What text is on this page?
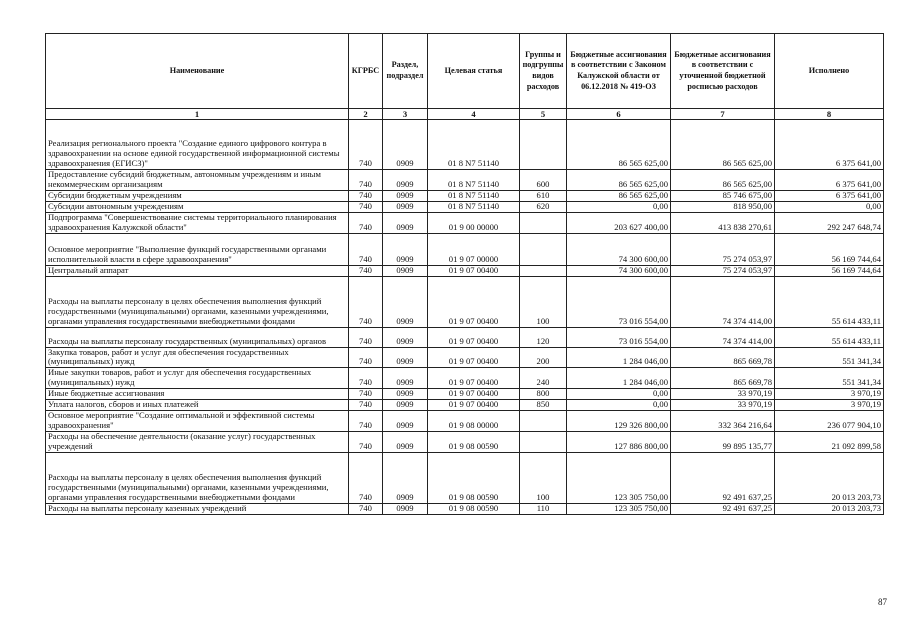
Наименование	КГРБС	Раздел, подраздел	Целевая статья	Группы и подгруппы видов расходов	Бюджетные ассигнования в соответствии с Законом Калужской области от 06.12.2018 № 419-ОЗ	Бюджетные ассигнования в соответствии с уточненной бюджетной росписью расходов	Исполнено
1	2	3	4	5	6	7	8
Реализация регионального проекта "Создание единого цифрового контура в здравоохранении на основе единой государственной информационной системы здравоохранения (ЕГИСЗ)"	740	0909	01 8 N7 51140		86 565 625,00	86 565 625,00	6 375 641,00
Предоставление субсидий бюджетным, автономным учреждениям и иным некоммерческим организациям	740	0909	01 8 N7 51140	600	86 565 625,00	86 565 625,00	6 375 641,00
Субсидии бюджетным учреждениям	740	0909	01 8 N7 51140	610	86 565 625,00	85 746 675,00	6 375 641,00
Субсидии автономным учреждениям	740	0909	01 8 N7 51140	620	0,00	818 950,00	0,00
Подпрограмма "Совершенствование системы территориального планирования здравоохранения Калужской области"	740	0909	01 9 00 00000		203 627 400,00	413 838 270,61	292 247 648,74
Основное мероприятие "Выполнение функций государственными органами исполнительной власти в сфере здравоохранения"	740	0909	01 9 07 00000		74 300 600,00	75 274 053,97	56 169 744,64
Центральный аппарат	740	0909	01 9 07 00400		74 300 600,00	75 274 053,97	56 169 744,64
Расходы на выплаты персоналу в целях обеспечения выполнения функций государственными (муниципальными) органами, казенными учреждениями, органами управления государственными внебюджетными фондами	740	0909	01 9 07 00400	100	73 016 554,00	74 374 414,00	55 614 433,11
Расходы на выплаты персоналу государственных (муниципальных) органов	740	0909	01 9 07 00400	120	73 016 554,00	74 374 414,00	55 614 433,11
Закупка товаров, работ и услуг для обеспечения государственных (муниципальных) нужд	740	0909	01 9 07 00400	200	1 284 046,00	865 669,78	551 341,34
Иные закупки товаров, работ и услуг для обеспечения государственных (муниципальных) нужд	740	0909	01 9 07 00400	240	1 284 046,00	865 669,78	551 341,34
Иные бюджетные ассигнования	740	0909	01 9 07 00400	800	0,00	33 970,19	3 970,19
Уплата налогов, сборов и иных платежей	740	0909	01 9 07 00400	850	0,00	33 970,19	3 970,19
Основное мероприятие "Создание оптимальной и эффективной системы здравоохранения"	740	0909	01 9 08 00000		129 326 800,00	332 364 216,64	236 077 904,10
Расходы на обеспечение деятельности (оказание услуг) государственных учреждений	740	0909	01 9 08 00590		127 886 800,00	99 895 135,77	21 092 899,58
Расходы на выплаты персоналу в целях обеспечения выполнения функций государственными (муниципальными) органами, казенными учреждениями, органами управления государственными внебюджетными фондами	740	0909	01 9 08 00590	100	123 305 750,00	92 491 637,25	20 013 203,73
Расходы на выплаты персоналу казенных учреждений	740	0909	01 9 08 00590	110	123 305 750,00	92 491 637,25	20 013 203,73
87
